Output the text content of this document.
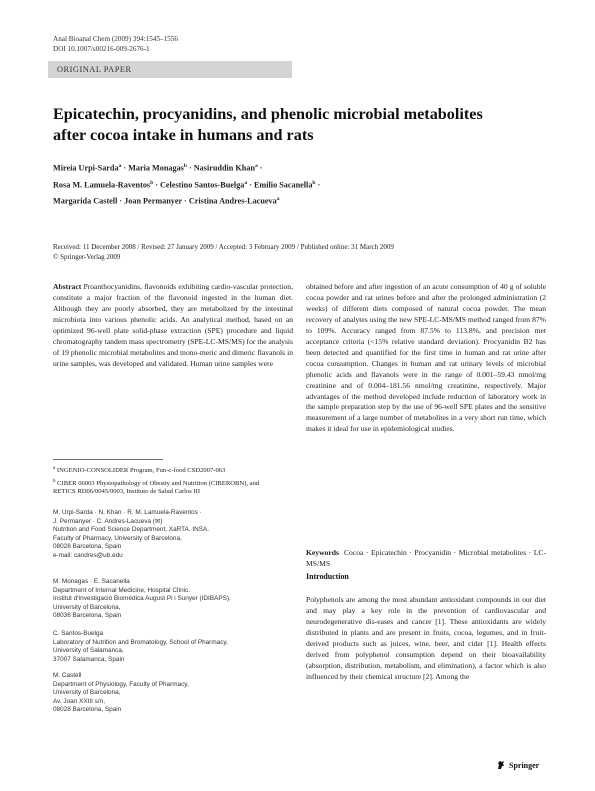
Anal Bioanal Chem (2009) 394:1545–1556
DOI 10.1007/s00216-009-2676-1
ORIGINAL PAPER
Epicatechin, procyanidins, and phenolic microbial metabolites after cocoa intake in humans and rats
Mireia Urpi-Sarda$^a$ · Maria Monagas$^b$ · Nasiruddin Khan$^a$ ·
Rosa M. Lamuela-Raventos$^b$ · Celestino Santos-Buelga$^a$ · Emilio Sacanella$^b$ ·
Margarida Castell · Joan Permanyer · Cristina Andres-Lacueva$^a$
Received: 11 December 2008 / Revised: 27 January 2009 / Accepted: 3 February 2009 / Published online: 31 March 2009
© Springer-Verlag 2009
Abstract Proanthocyanidins, flavonoids exhibiting cardio-vascular protection, constitute a major fraction of the flavonoid ingested in the human diet. Although they are poorly absorbed, they are metabolized by the intestinal microbiota into various phenolic acids. An analytical method, based on an optimized 96-well plate solid-phase extraction (SPE) procedure and liquid chromatography tandem mass spectrometry (SPE-LC-MS/MS) for the analysis of 19 phenolic microbial metabolites and mono-meric and dimeric flavanols in urine samples, was developed and validated. Human urine samples were
obtained before and after ingestion of an acute consumption of 40 g of soluble cocoa powder and rat urines before and after the prolonged administration (2 weeks) of different diets composed of natural cocoa powder. The mean recovery of analytes using the new SPE-LC-MS/MS method ranged from 87% to 109%. Accuracy ranged from 87.5% to 113.8%, and precision met acceptance criteria (<15% relative standard deviation). Procyanidin B2 has been detected and quantified for the first time in human and rat urine after cocoa consumption. Changes in human and rat urinary levels of microbial phenolic acids and flavanols were in the range of 0.001–59.43 nmol/mg creatinine and of 0.004–181.56 nmol/mg creatinine, respectively. Major advantages of the method developed include reduction of laboratory work in the sample preparation step by the use of 96-well SPE plates and the sensitive measurement of a large number of metabolites in a very short run time, which makes it ideal for use in epidemiological studies.
Keywords Cocoa · Epicatechin · Procyanidin · Microbial metabolites · LC-MS/MS
$^a$ INGENIO-CONSOLIDER Program, Fun-c-food CSD2007-063
$^b$ CIBER 06003 Physiopathology of Obesity and Nutrition (CIBEROBN), and RETICS RD06/0045/0003, Instituto de Salud Carlos III
M. Urpi-Sarda · N. Khan · R. M. Lamuela-Raventos ·
J. Permanyer · C. Andres-Lacueva (✉)
Nutrition and Food Science Department, XaRTA. INSA.
Faculty of Pharmacy, University of Barcelona,
08028 Barcelona, Spain
e-mail: candres@ub.edu
M. Monagas · E. Sacanella
Department of Internal Medicine, Hospital Clínic.
Institut d'Investigació Biomédica August Pi i Sunyer (IDIBAPS),
University of Barcelona,
08036 Barcelona, Spain
C. Santos-Buelga
Laboratory of Nutrition and Bromatology, School of Pharmacy,
University of Salamanca,
37007 Salamanca, Spain
M. Castell
Department of Physiology, Faculty of Pharmacy,
University of Barcelona,
Av. Joan XXIII s/n,
08028 Barcelona, Spain
Introduction
Polyphenols are among the most abundant antioxidant compounds in our diet and may play a key role in the prevention of cardiovascular and neurodegenerative dis-eases and cancer [1]. These antioxidants are widely distributed in plants and are present in fruits, cocoa, legumes, and in fruit-derived products such as juices, wine, beer, and cider [1]. Health effects derived from polyphenol consumption depend on their bioavailability (absorption, distribution, metabolism, and elimination), a factor which is also influenced by their chemical structure [2]. Among the
Springer
